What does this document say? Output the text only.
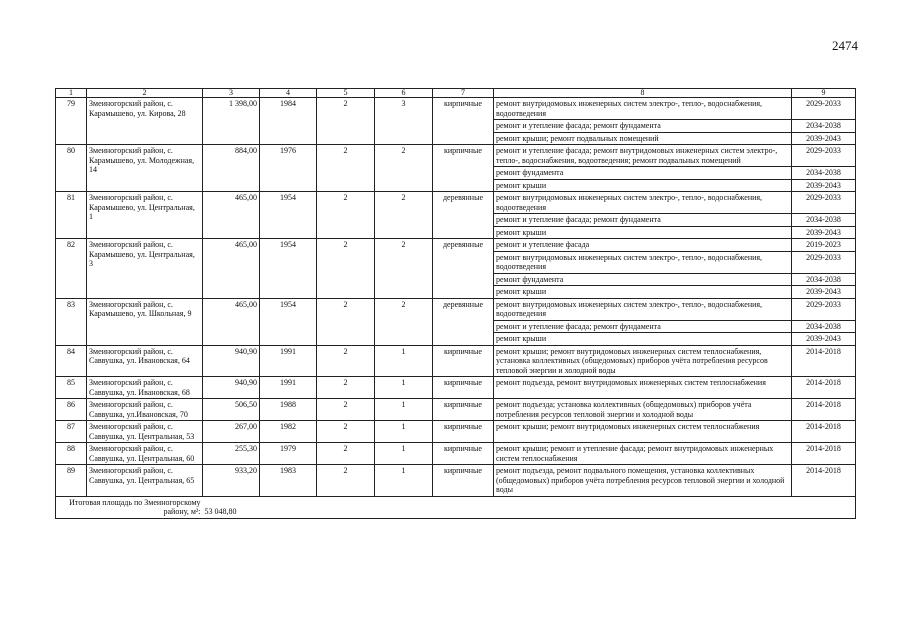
2474
1	2	3	4	5	6	7	8	9
79	Змеиногорский район, с. Карамышево, ул. Кирова, 28	1 398,00	1984	2	3	кирпичные	ремонт внутридомовых инженерных систем электро-, тепло-, водоснабжения, водоотведения	2029-2033
							ремонт и утепление фасада; ремонт фундамента	2034-2038
							ремонт крыши; ремонт подвальных помещений	2039-2043
80	Змеиногорский район, с. Карамышево, ул. Молодежная, 14	884,00	1976	2	2	кирпичные	ремонт и утепление фасада; ремонт внутридомовых инженерных систем электро-, тепло-, водоснабжения, водоотведения; ремонт подвальных помещений	2029-2033
							ремонт фундамента	2034-2038
							ремонт крыши	2039-2043
81	Змеиногорский район, с. Карамышево, ул. Центральная, 1	465,00	1954	2	2	деревянные	ремонт внутридомовых инженерных систем электро-, тепло-, водоснабжения, водоотведения	2029-2033
							ремонт и утепление фасада; ремонт фундамента	2034-2038
							ремонт крыши	2039-2043
82	Змеиногорский район, с. Карамышево, ул. Центральная, 3	465,00	1954	2	2	деревянные	ремонт и утепление фасада	2019-2023
							ремонт внутридомовых инженерных систем электро-, тепло-, водоснабжения, водоотведения	2029-2033
							ремонт фундамента	2034-2038
							ремонт крыши	2039-2043
83	Змеиногорский район, с. Карамышево, ул. Школьная, 9	465,00	1954	2	2	деревянные	ремонт внутридомовых инженерных систем электро-, тепло-, водоснабжения, водоотведения	2029-2033
							ремонт и утепление фасада; ремонт фундамента	2034-2038
							ремонт крыши	2039-2043
84	Змеиногорский район, с. Саввушка, ул. Ивановская, 64	940,90	1991	2	1	кирпичные	ремонт крыши; ремонт внутридомовых инженерных систем теплоснабжения, установка коллективных (общедомовых) приборов учёта потребления ресурсов тепловой энергии и холодной воды	2014-2018
85	Змеиногорский район, с. Саввушка, ул. Ивановская, 68	940,90	1991	2	1	кирпичные	ремонт подъезда, ремонт внутридомовых инженерных систем теплоснабжения	2014-2018
86	Змеиногорский район, с. Саввушка, ул.Ивановская, 70	506,50	1988	2	1	кирпичные	ремонт подъезда; установка коллективных (общедомовых) приборов учёта потребления ресурсов тепловой энергии и холодной воды	2014-2018
87	Змеиногорский район, с. Саввушка, ул. Центральная, 53	267,00	1982	2	1	кирпичные	ремонт крыши; ремонт внутридомовых инженерных систем теплоснабжения	2014-2018
88	Змеиногорский район, с. Саввушка, ул. Центральная, 60	255,30	1979	2	1	кирпичные	ремонт крыши; ремонт и утепление фасада; ремонт внутридомовых инженерных систем теплоснабжения	2014-2018
89	Змеиногорский район, с. Саввушка, ул. Центральная, 65	933,20	1983	2	1	кирпичные	ремонт подъезда, ремонт подвального помещения, установка коллективных (общедомовых) приборов учёта потребления ресурсов тепловой энергии и холодной воды	2014-2018
Итоговая площадь по Змеиногорскому району, м²:		53 048,80						
